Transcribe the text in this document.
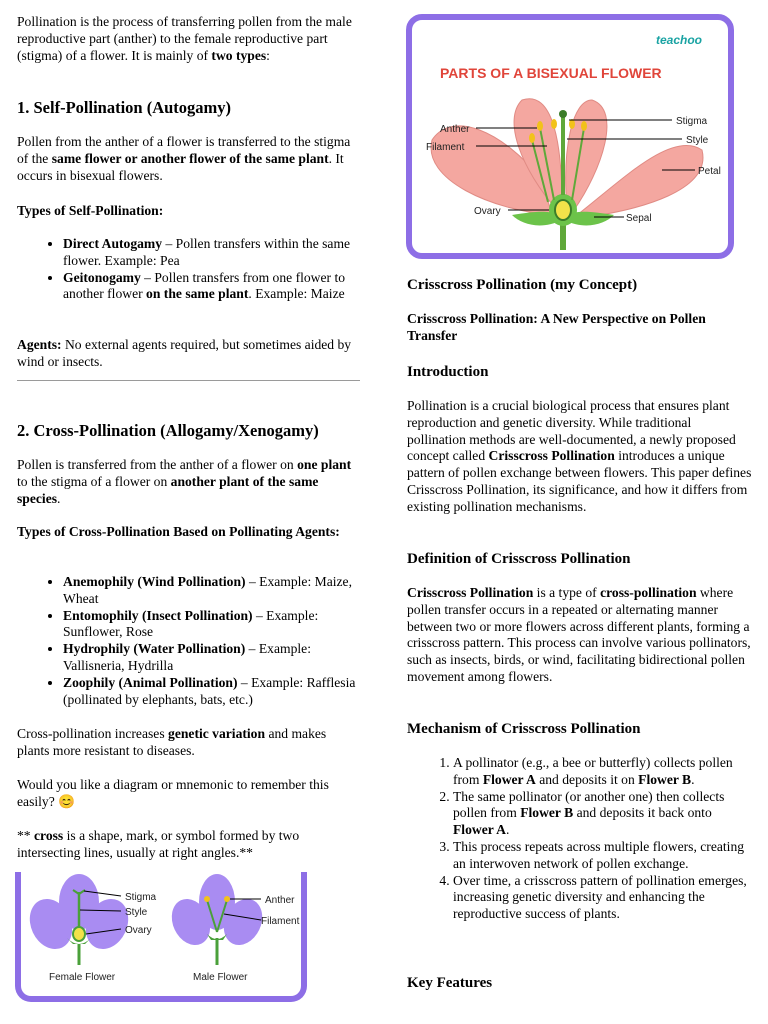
Pollination is the process of transferring pollen from the male reproductive part (anther) to the female reproductive part (stigma) of a flower. It is mainly of two types:

1. Self-Pollination (Autogamy)

Pollen from the anther of a flower is transferred to the stigma of the same flower or another flower of the same plant. It occurs in bisexual flowers.

Types of Self-Pollination:

• Direct Autogamy – Pollen transfers within the same flower. Example: Pea
• Geitonogamy – Pollen transfers from one flower to another flower on the same plant. Example: Maize

Agents: No external agents required, but sometimes aided by wind or insects.

2. Cross-Pollination (Allogamy/Xenogamy)

Pollen is transferred from the anther of a flower on one plant to the stigma of a flower on another plant of the same species.

Types of Cross-Pollination Based on Pollinating Agents:

• Anemophily (Wind Pollination) – Example: Maize, Wheat
• Entomophily (Insect Pollination) – Example: Sunflower, Rose
• Hydrophily (Water Pollination) – Example: Vallisneria, Hydrilla
• Zoophily (Animal Pollination) – Example: Rafflesia (pollinated by elephants, bats, etc.)

Cross-pollination increases genetic variation and makes plants more resistant to diseases.

Would you like a diagram or mnemonic to remember this easily? 😊

** cross is a shape, mark, or symbol formed by two intersecting lines, usually at right angles.**

Stigma
Style
Ovary
Female Flower
Anther
Filament
Male Flower
teachoo
PARTS OF A BISEXUAL FLOWER
Anther
Filament
Ovary
Stigma
Style
Petal
Sepal
Crisscross Pollination (my Concept)

Crisscross Pollination: A New Perspective on Pollen Transfer

Introduction

Pollination is a crucial biological process that ensures plant reproduction and genetic diversity. While traditional pollination methods are well-documented, a newly proposed concept called Crisscross Pollination introduces a unique pattern of pollen exchange between flowers. This paper defines Crisscross Pollination, its significance, and how it differs from existing pollination mechanisms.

Definition of Crisscross Pollination

Crisscross Pollination is a type of cross-pollination where pollen transfer occurs in a repeated or alternating manner between two or more flowers across different plants, forming a crisscross pattern. This process can involve various pollinators, such as insects, birds, or wind, facilitating bidirectional pollen movement among flowers.

Mechanism of Crisscross Pollination
1. A pollinator (e.g., a bee or butterfly) collects pollen from Flower A and deposits it on Flower B.
2. The same pollinator (or another one) then collects pollen from Flower B and deposits it back onto Flower A.
3. This process repeats across multiple flowers, creating an interwoven network of pollen exchange.
4. Over time, a crisscross pattern of pollination emerges, increasing genetic diversity and enhancing the reproductive success of plants.
Key Features
